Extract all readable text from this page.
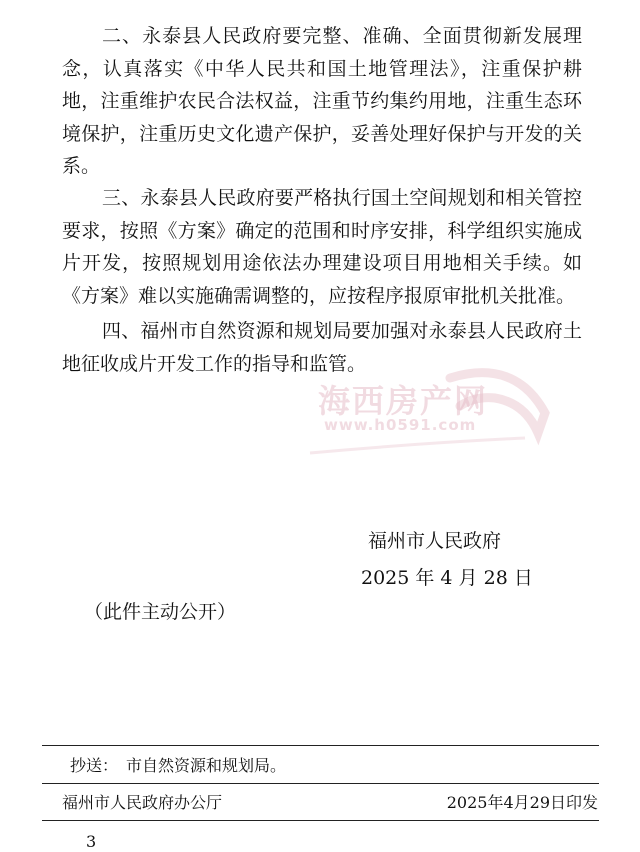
二、永泰县人民政府要完整、准确、全面贯彻新发展理念，认真落实《中华人民共和国土地管理法》，注重保护耕地，注重维护农民合法权益，注重节约集约用地，注重生态环境保护，注重历史文化遗产保护，妥善处理好保护与开发的关系。

三、永泰县人民政府要严格执行国土空间规划和相关管控要求，按照《方案》确定的范围和时序安排，科学组织实施成片开发，按照规划用途依法办理建设项目用地相关手续。如《方案》难以实施确需调整的，应按程序报原审批机关批准。

四、福州市自然资源和规划局要加强对永泰县人民政府土地征收成片开发工作的指导和监管。

海西房产网
www.h0591.com
福州市人民政府
2025 年 4 月 28 日
（此件主动公开）
抄送： 市自然资源和规划局。
福州市人民政府办公厅	2025年4月29日印发
3
